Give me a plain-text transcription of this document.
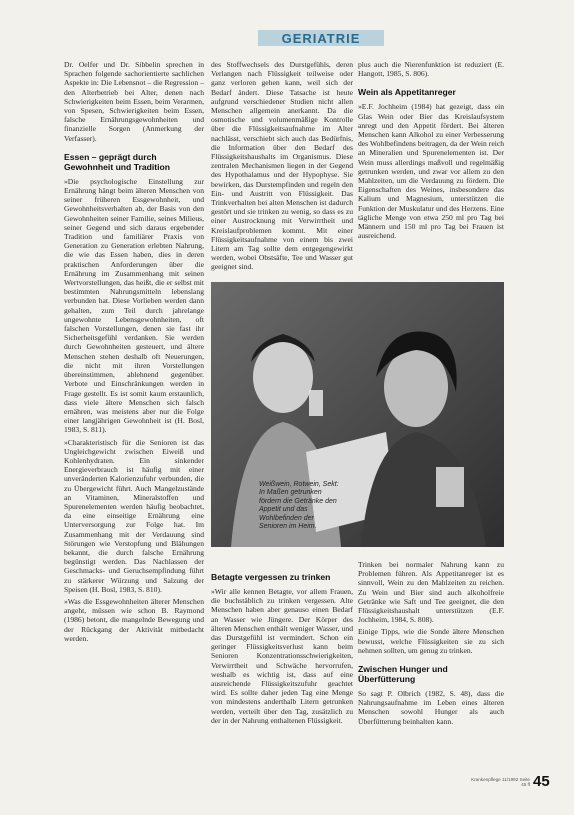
GERIATRIE

Dr. Oelfer und Dr. Sibbelin sprechen in Sprachen folgende sachorientierte sachlichen Aspekte in: Die Lebensnot – die Regression – den Alterbetrieb bei Alter, denen nach Schwierigkeiten beim Essen, beim Verarmen, von Spesen, Schwierigkeiten beim Essen, falsche Ernährungsgewohnheiten und finanzielle Sorgen (Anmerkung der Verfasser).

Essen – geprägt durch Gewohnheit und Tradition

»Die psychologische Einstellung zur Ernährung hängt beim älteren Menschen von seiner früheren Essgewohnheit, und Gewohnheitsverhalten ab, der Basis von den Gewohnheiten seiner Familie, seines Milieus, seiner Gegend und sich daraus ergebender Tradition und familiärer Praxis von Generation zu Generation erlebten Nahrung, die wie das Essen haben, dies in deren praktischen Anforderungen über die Ernährung im Zusammenhang mit seinen Wertvorstellungen, das heißt, die er selbst mit bestimmten Nahrungsmitteln lebenslang verbunden hat. Diese Vorlieben werden dann gehalten, zum Teil durch jahrelange ungewohnte Lebensgewohnheiten, oft falschen Vorstellungen, denen sie fast ihr Sicherheitsgefühl verdanken. Sie werden durch Gewohnheiten gesteuert, und ältere Menschen stehen deshalb oft Neuerungen, die nicht mit ihren Vorstellungen übereinstimmen, ablehnend gegenüber. Verbote und Einschränkungen werden in Frage gestellt. Es ist somit kaum erstaunlich, dass viele ältere Menschen sich falsch ernähren, was meistens aber nur die Folge einer langjährigen Gewohnheit ist (H. Bosl, 1983, S. 811).

»Charakteristisch für die Senioren ist das Ungleichgewicht zwischen Eiweiß und Kohlenhydraten. Ein sinkender Energieverbrauch ist häufig mit einer unveränderten Kalorienzufuhr verbunden, die zu Übergewicht führt. Auch Mangelzustände an Vitaminen, Mineralstoffen und Spurenelementen werden häufig beobachtet, da eine einseitige Ernährung eine Unterversorgung zur Folge hat. Im Zusammenhang mit der Verdauung sind Störungen wie Verstopfung und Blähungen bekannt, die durch falsche Ernährung begünstigt werden. Das Nachlassen der Geschmacks- und Geruchsempfindung führt zu stärkerer Würzung und Salzung der Speisen (H. Bosl, 1983, S. 810).

»Was die Essgewohnheiten älterer Menschen angeht, müssen wie schon B. Raymond (1986) betont, die mangelnde Bewegung und der Rückgang der Aktivität mitbedacht werden.

des Stoffwechsels des Durstgefühls, deren Verlangen nach Flüssigkeit teilweise oder ganz verloren gehen kann, weil sich der Bedarf ändert. Diese Tatsache ist heute aufgrund verschiedener Studien nicht allen Menschen allgemein anerkannt. Da die osmotische und volumenmäßige Kontrolle über die Flüssigkeitsaufnahme im Alter nachlässt, verschiebt sich auch das Bedürfnis, die Information über den Bedarf des Flüssigkeitshaushalts im Organismus. Diese zentralen Mechanismen liegen in der Gegend des Hypothalamus und der Hypophyse. Sie bewirken, das Durstempfinden und regeln den Ein- und Austritt von Flüssigkeit. Das Trinkverhalten bei alten Menschen ist dadurch gestört und sie trinken zu wenig, so dass es zu einer Austrocknung mit Verwirrtheit und Kreislaufproblemen kommt. Mit einer Flüssigkeitsaufnahme von einem bis zwei Litern am Tag sollte dem entgegengewirkt werden, wobei Obstsäfte, Tee und Wasser gut geeignet sind.

plus auch die Nierenfunktion ist reduziert (E. Hangott, 1985, S. 806).

Wein als Appetitanreger

»E.F. Jochheim (1984) hat gezeigt, dass ein Glas Wein oder Bier das Kreislaufsystem anregt und den Appetit fördert. Bei älteren Menschen kann Alkohol zu einer Verbesserung des Wohlbefindens beitragen, da der Wein reich an Mineralien und Spurenelementen ist. Der Wein muss allerdings maßvoll und regelmäßig getrunken werden, und zwar vor allem zu den Mahlzeiten, um die Verdauung zu fördern. Die Eigenschaften des Weines, insbesondere das Kalium und Magnesium, unterstützen die Funktion der Muskulatur und des Herzens. Eine tägliche Menge von etwa 250 ml pro Tag bei Männern und 150 ml pro Tag bei Frauen ist ausreichend.

Weißwein, Rotwein, Sekt: In Maßen getrunken fördern die Getränke den Appetit und das Wohlbefinden der Senioren im Heim.
Betagte vergessen zu trinken

»Wir alle kennen Betagte, vor allem Frauen, die buchstäblich zu trinken vergessen. Alte Menschen haben aber genauso einen Bedarf an Wasser wie Jüngere. Der Körper des älteren Menschen enthält weniger Wasser, und das Durstgefühl ist vermindert. Schon ein geringer Flüssigkeitsverlust kann beim Senioren Konzentrationsschwierigkeiten, Verwirrtheit und Schwäche hervorrufen, weshalb es wichtig ist, dass auf eine ausreichende Flüssigkeitszufuhr geachtet wird. Es sollte daher jeden Tag eine Menge von mindestens anderthalb Litern getrunken werden, verteilt über den Tag, zusätzlich zu der in der Nahrung enthaltenen Flüssigkeit.

Trinken bei normaler Nahrung kann zu Problemen führen. Als Appetitanreger ist es sinnvoll, Wein zu den Mahlzeiten zu reichen. Zu Wein und Bier sind auch alkoholfreie Getränke wie Saft und Tee geeignet, die den Flüssigkeitshaushalt unterstützen (E.F. Jochheim, 1984, S. 808).

Einige Tipps, wie die Sonde ältere Menschen bewusst, welche Flüssigkeiten sie zu sich nehmen sollten, um genug zu trinken.

Zwischen Hunger und Überfütterung

So sagt P. Olbrich (1982, S. 48), dass die Nahrungsaufnahme im Leben eines älteren Menschen sowohl Hunger als auch Überfütterung beinhalten kann.

Krankenpflege 11/1992 Seite 45 ff 45
